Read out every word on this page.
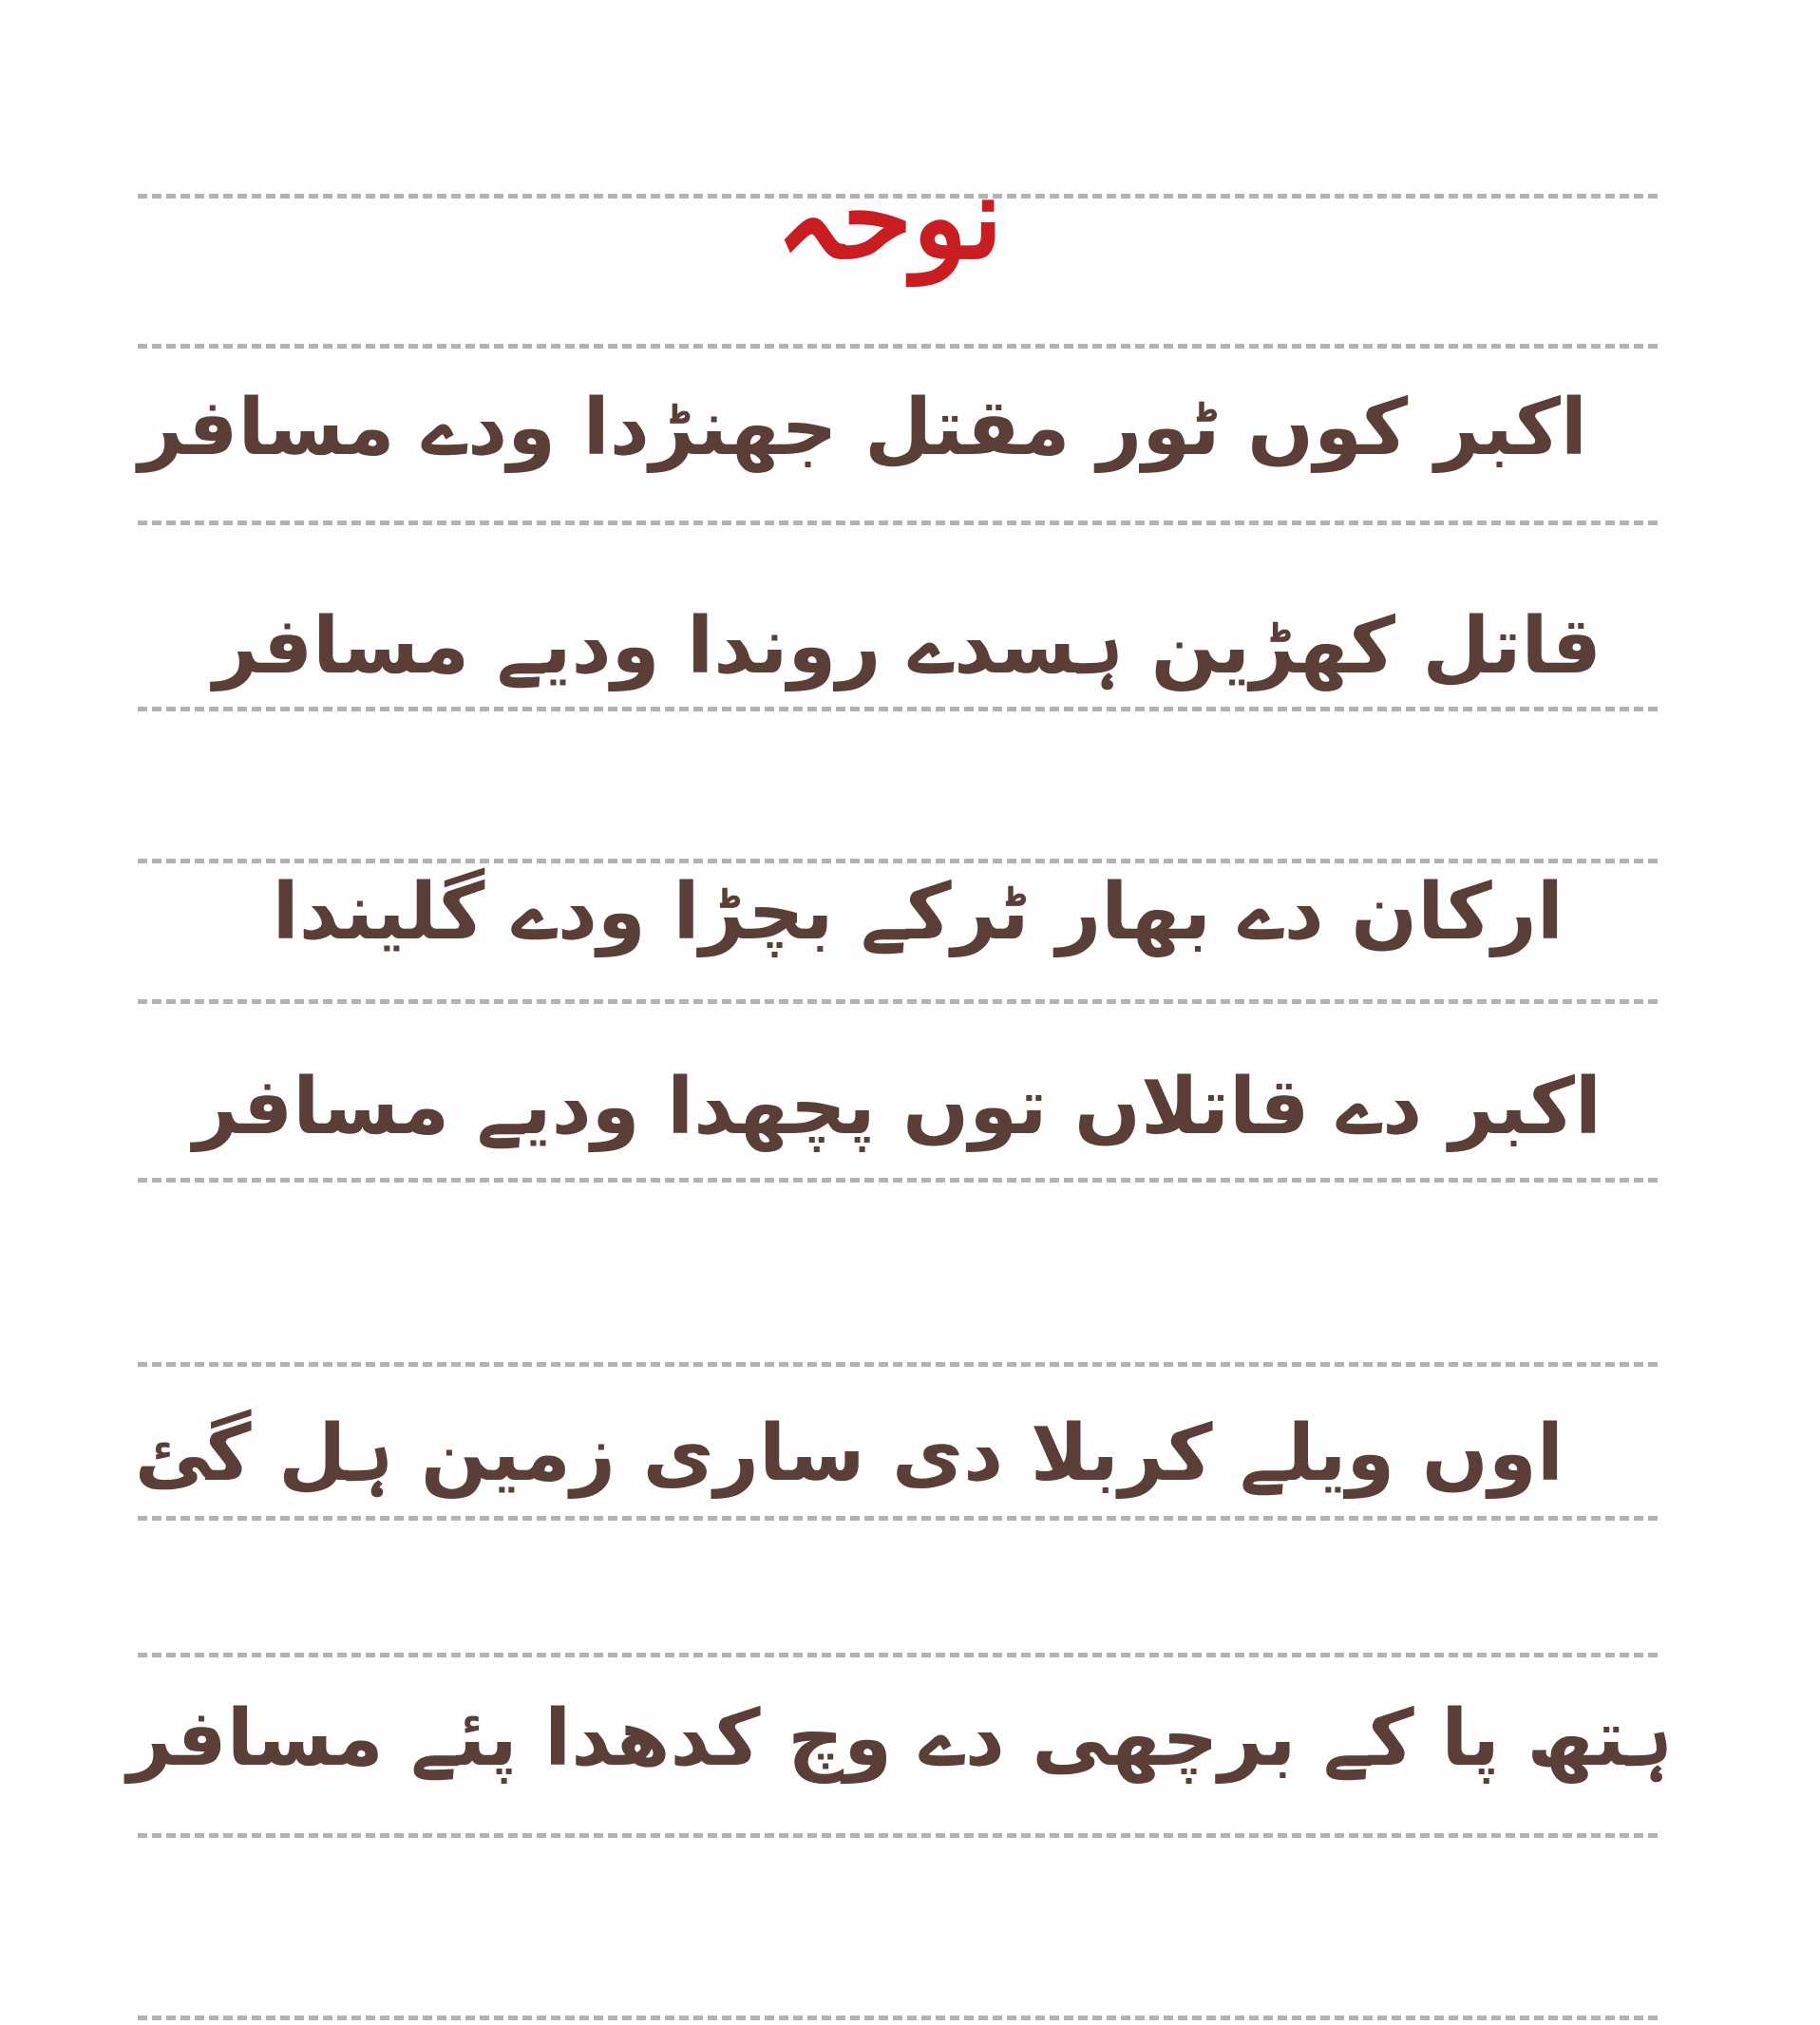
نوحہ
اکبر کوں ٹور مقتل جھنڑدا ودے مسافر
قاتل کھڑین ہسدے روندا ودیے مسافر
ارکان دے بھار ٹرکے بچڑا ودے گلیندا
اکبر دے قاتلاں توں پچھدا ودیے مسافر
اوں ویلے کربلا دی ساری زمین ہل گئ
ہتھ پا کے برچھی دے وچ کدھدا پئے مسافر
